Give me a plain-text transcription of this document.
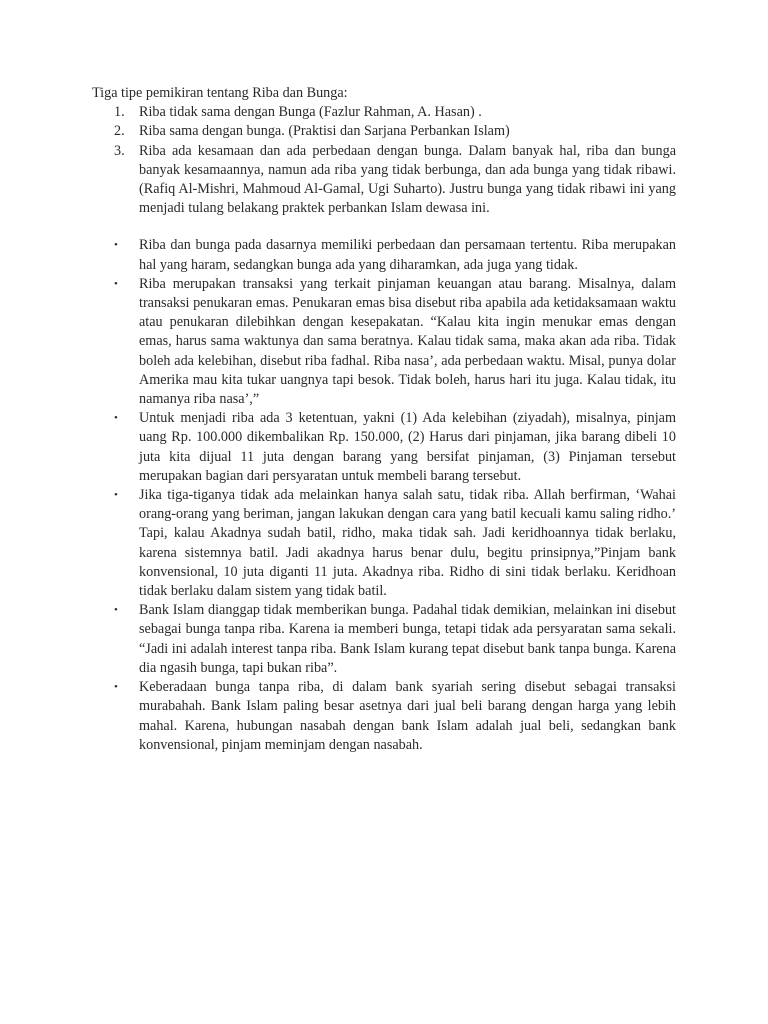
Tiga tipe pemikiran tentang Riba dan Bunga:
1. Riba tidak sama dengan Bunga (Fazlur Rahman, A. Hasan) .
2. Riba sama dengan bunga. (Praktisi dan Sarjana Perbankan Islam)
3. Riba ada kesamaan dan ada perbedaan dengan bunga. Dalam banyak hal, riba dan bunga banyak kesamaannya, namun ada riba yang tidak berbunga, dan ada bunga yang tidak ribawi. (Rafiq Al-Mishri, Mahmoud Al-Gamal, Ugi Suharto). Justru bunga yang tidak ribawi ini yang menjadi tulang belakang praktek perbankan Islam dewasa ini.
• Riba dan bunga pada dasarnya memiliki perbedaan dan persamaan tertentu. Riba merupakan hal yang haram, sedangkan bunga ada yang diharamkan, ada juga yang tidak.
• Riba merupakan transaksi yang terkait pinjaman keuangan atau barang. Misalnya, dalam transaksi penukaran emas. Penukaran emas bisa disebut riba apabila ada ketidaksamaan waktu atau penukaran dilebihkan dengan kesepakatan. “Kalau kita ingin menukar emas dengan emas, harus sama waktunya dan sama beratnya. Kalau tidak sama, maka akan ada riba. Tidak boleh ada kelebihan, disebut riba fadhal. Riba nasa’, ada perbedaan waktu. Misal, punya dolar Amerika mau kita tukar uangnya tapi besok. Tidak boleh, harus hari itu juga. Kalau tidak, itu namanya riba nasa’,”
• Untuk menjadi riba ada 3 ketentuan, yakni (1) Ada kelebihan (ziyadah), misalnya, pinjam uang Rp. 100.000 dikembalikan Rp. 150.000, (2) Harus dari pinjaman, jika barang dibeli 10 juta kita dijual 11 juta dengan barang yang bersifat pinjaman, (3) Pinjaman tersebut merupakan bagian dari persyaratan untuk membeli barang tersebut.
• Jika tiga-tiganya tidak ada melainkan hanya salah satu, tidak riba. Allah berfirman, ‘Wahai orang-orang yang beriman, jangan lakukan dengan cara yang batil kecuali kamu saling ridho.’ Tapi, kalau Akadnya sudah batil, ridho, maka tidak sah. Jadi keridhoannya tidak berlaku, karena sistemnya batil. Jadi akadnya harus benar dulu, begitu prinsipnya,”Pinjam bank konvensional, 10 juta diganti 11 juta. Akadnya riba. Ridho di sini tidak berlaku. Keridhoan tidak berlaku dalam sistem yang tidak batil.
• Bank Islam dianggap tidak memberikan bunga. Padahal tidak demikian, melainkan ini disebut sebagai bunga tanpa riba. Karena ia memberi bunga, tetapi tidak ada persyaratan sama sekali. “Jadi ini adalah interest tanpa riba. Bank Islam kurang tepat disebut bank tanpa bunga. Karena dia ngasih bunga, tapi bukan riba”.
• Keberadaan bunga tanpa riba, di dalam bank syariah sering disebut sebagai transaksi murabahah. Bank Islam paling besar asetnya dari jual beli barang dengan harga yang lebih mahal. Karena, hubungan nasabah dengan bank Islam adalah jual beli, sedangkan bank konvensional, pinjam meminjam dengan nasabah.
